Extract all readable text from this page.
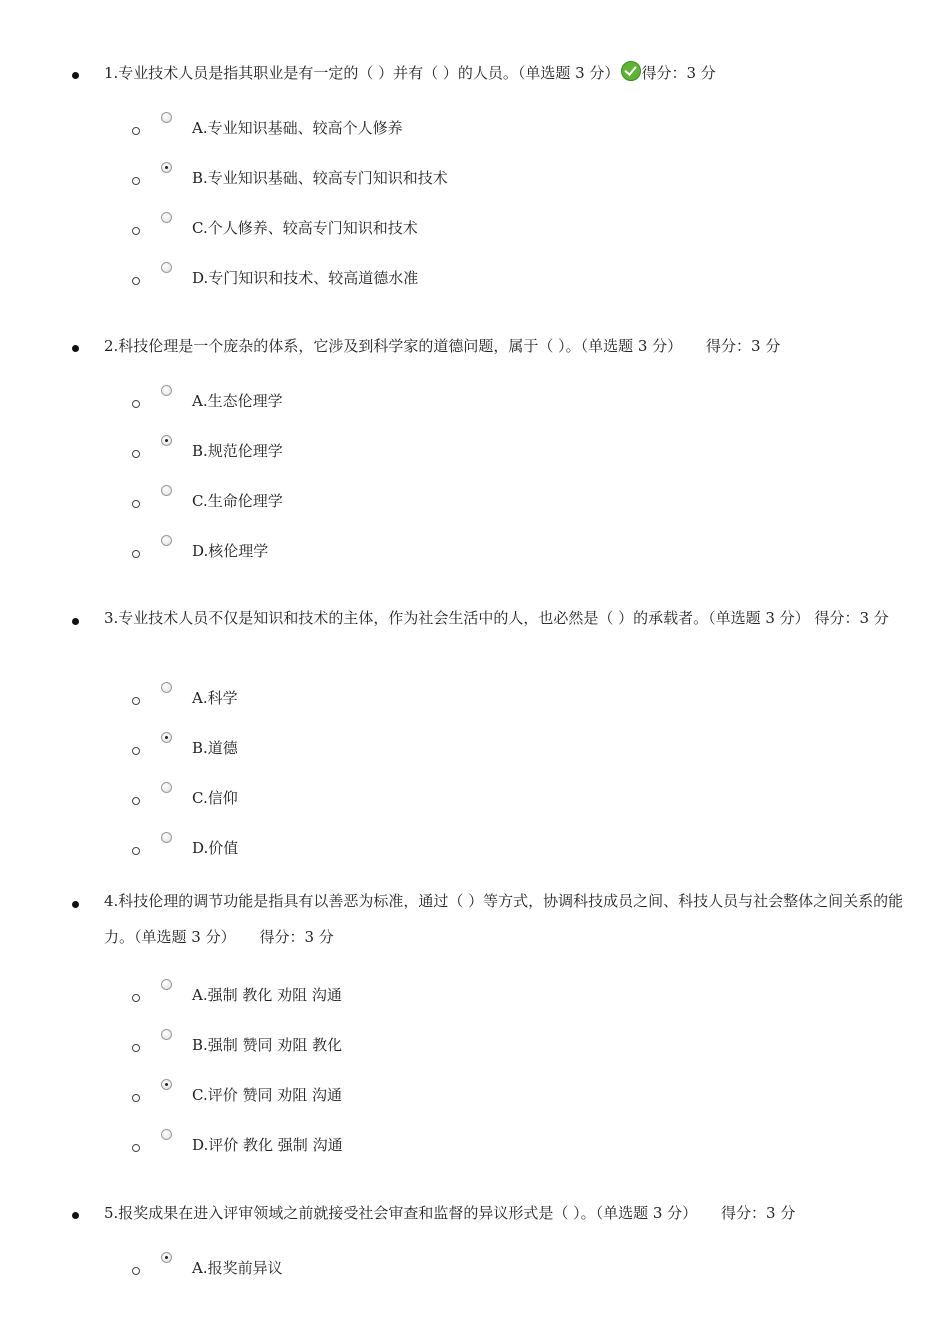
1.专业技术人员是指其职业是有一定的（ ）并有（ ）的人员。（单选题 3 分） 得分：3 分
A.专业知识基础、较高个人修养
B.专业知识基础、较高专门知识和技术
C.个人修养、较高专门知识和技术
D.专门知识和技术、较高道德水准
2.科技伦理是一个庞杂的体系，它涉及到科学家的道德问题，属于（ ）。（单选题 3 分） 得分：3 分
A.生态伦理学
B.规范伦理学
C.生命伦理学
D.核伦理学
3.专业技术人员不仅是知识和技术的主体，作为社会生活中的人，也必然是（ ）的承载者。（单选题 3 分） 得分：3 分
A.科学
B.道德
C.信仰
D.价值
4.科技伦理的调节功能是指具有以善恶为标准，通过（ ）等方式，协调科技成员之间、科技人员与社会整体之间关系的能力。（单选题 3 分） 得分：3 分
A.强制 教化 劝阻 沟通
B.强制 赞同 劝阻 教化
C.评价 赞同 劝阻 沟通
D.评价 教化 强制 沟通
5.报奖成果在进入评审领域之前就接受社会审查和监督的异议形式是（ ）。（单选题 3 分） 得分：3 分
A.报奖前异议
